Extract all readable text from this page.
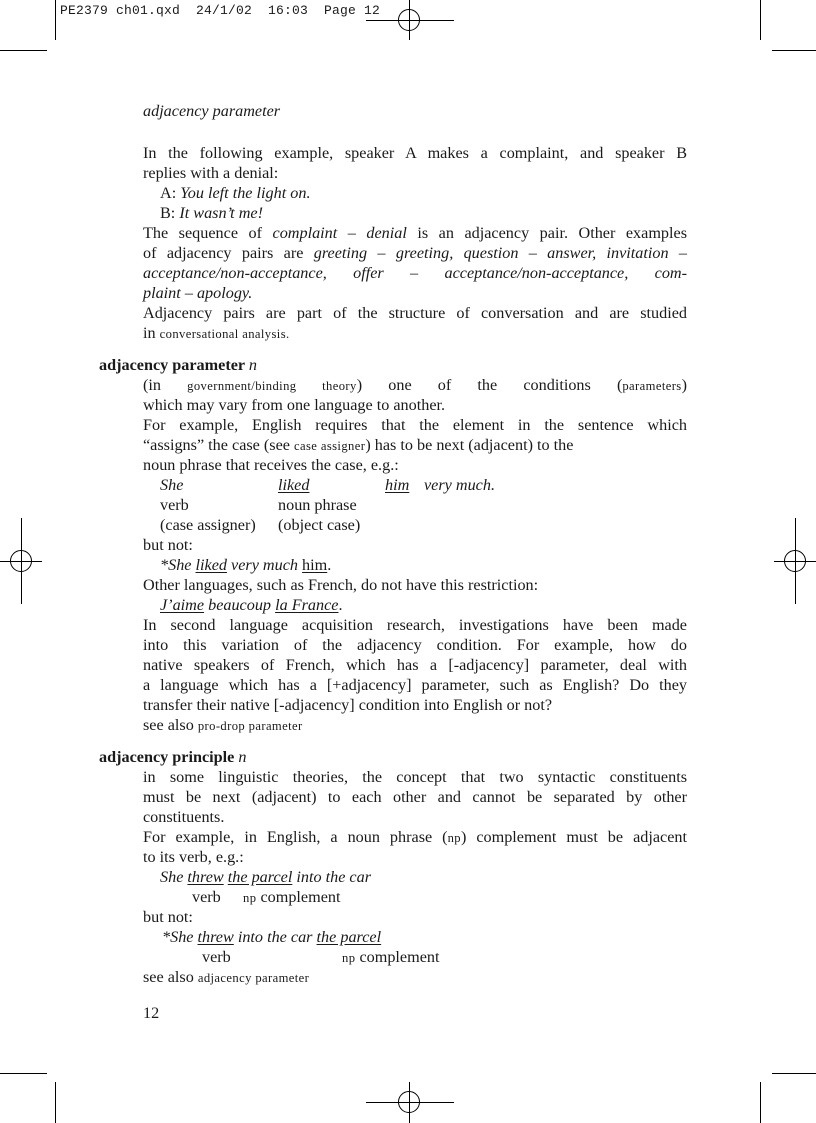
PE2379 ch01.qxd  24/1/02  16:03  Page 12
adjacency parameter
In the following example, speaker A makes a complaint, and speaker B
replies with a denial:
A: You left the light on.
B: It wasn’t me!
The sequence of complaint – denial is an adjacency pair. Other examples
of adjacency pairs are greeting – greeting, question – answer, invitation –
acceptance/non-acceptance, offer – acceptance/non-acceptance, com-
plaint – apology.
Adjacency pairs are part of the structure of conversation and are studied
in conversational analysis.
adjacency parameter n
(in government/binding theory) one of the conditions (parameters)
which may vary from one language to another.
For example, English requires that the element in the sentence which
“assigns” the case (see case assigner) has to be next (adjacent) to the
noun phrase that receives the case, e.g.:
She	liked	him very much.
verb	noun phrase
(case assigner) (object case)
but not:
*She liked very much him.
Other languages, such as French, do not have this restriction:
J’aime beaucoup la France.
In second language acquisition research, investigations have been made
into this variation of the adjacency condition. For example, how do
native speakers of French, which has a [-adjacency] parameter, deal with
a language which has a [+adjacency] parameter, such as English? Do they
transfer their native [-adjacency] condition into English or not?
see also pro-drop parameter
adjacency principle n
in some linguistic theories, the concept that two syntactic constituents
must be next (adjacent) to each other and cannot be separated by other
constituents.
For example, in English, a noun phrase (np) complement must be adjacent
to its verb, e.g.:
She threw the parcel into the car
verb np complement
but not:
*She threw into the car the parcel
verb	np complement
see also adjacency parameter
12
